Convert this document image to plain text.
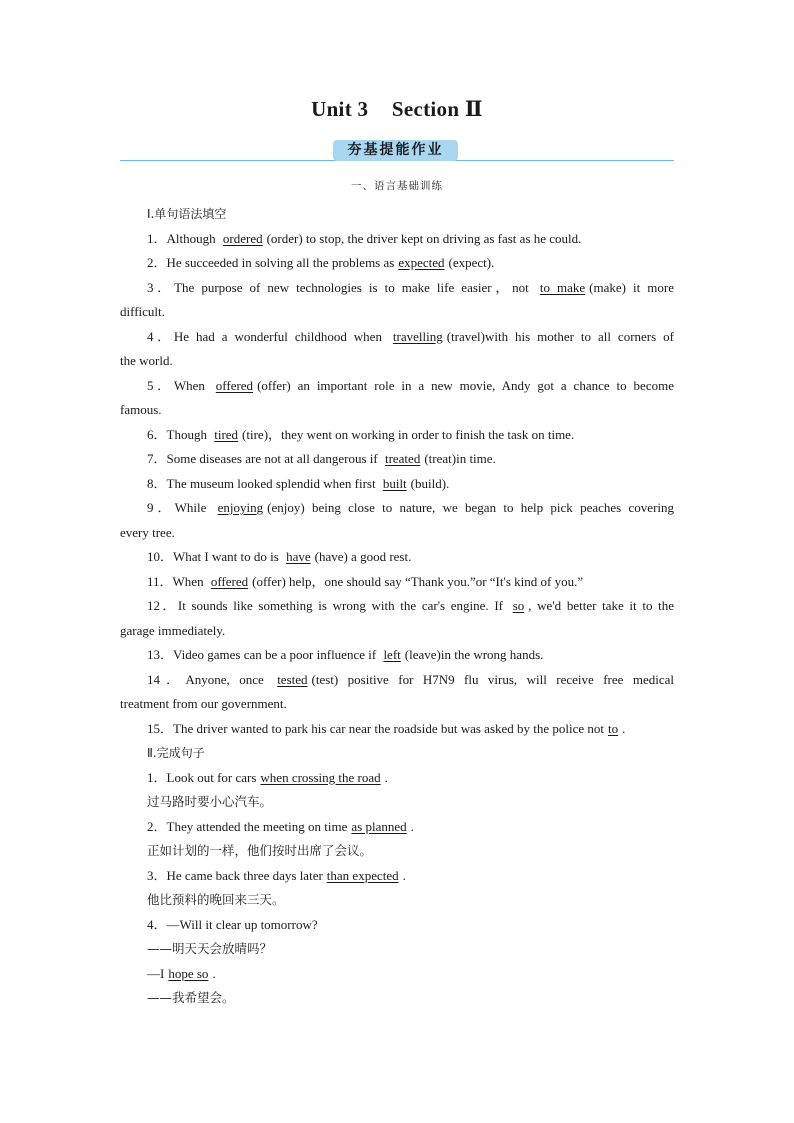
Unit 3 Section Ⅱ
夯基提能作业
一、语言基础训练
Ⅰ.单句语法填空
1．Although ordered (order) to stop, the driver kept on driving as fast as he could.
2．He succeeded in solving all the problems as expected (expect).
3．The purpose of new technologies is to make life easier，not to make (make) it more
difficult.
4．He had a wonderful childhood when travelling (travel)with his mother to all corners of
the world.
5．When offered (offer) an important role in a new movie, Andy got a chance to become
famous.
6．Though tired (tire)，they went on working in order to finish the task on time.
7．Some diseases are not at all dangerous if treated (treat)in time.
8．The museum looked splendid when first built (build).
9．While enjoying (enjoy) being close to nature, we began to help pick peaches covering
every tree.
10．What I want to do is have (have) a good rest.
11．When offered (offer) help，one should say “Thank you.”or “It's kind of you.”
12．It sounds like something is wrong with the car's engine. If so , we'd better take it to the
garage immediately.
13．Video games can be a poor influence if left (leave)in the wrong hands.
14．Anyone, once tested (test) positive for H7N9 flu virus, will receive free medical
treatment from our government.
15．The driver wanted to park his car near the roadside but was asked by the police not to .
Ⅱ.完成句子
1．Look out for cars when crossing the road .
过马路时要小心汽车。
2．They attended the meeting on time as planned .
正如计划的一样，他们按时出席了会议。
3．He came back three days later than expected .
他比预料的晚回来三天。
4．—Will it clear up tomorrow?
——明天天会放晴吗？
—I hope so .
——我希望会。
